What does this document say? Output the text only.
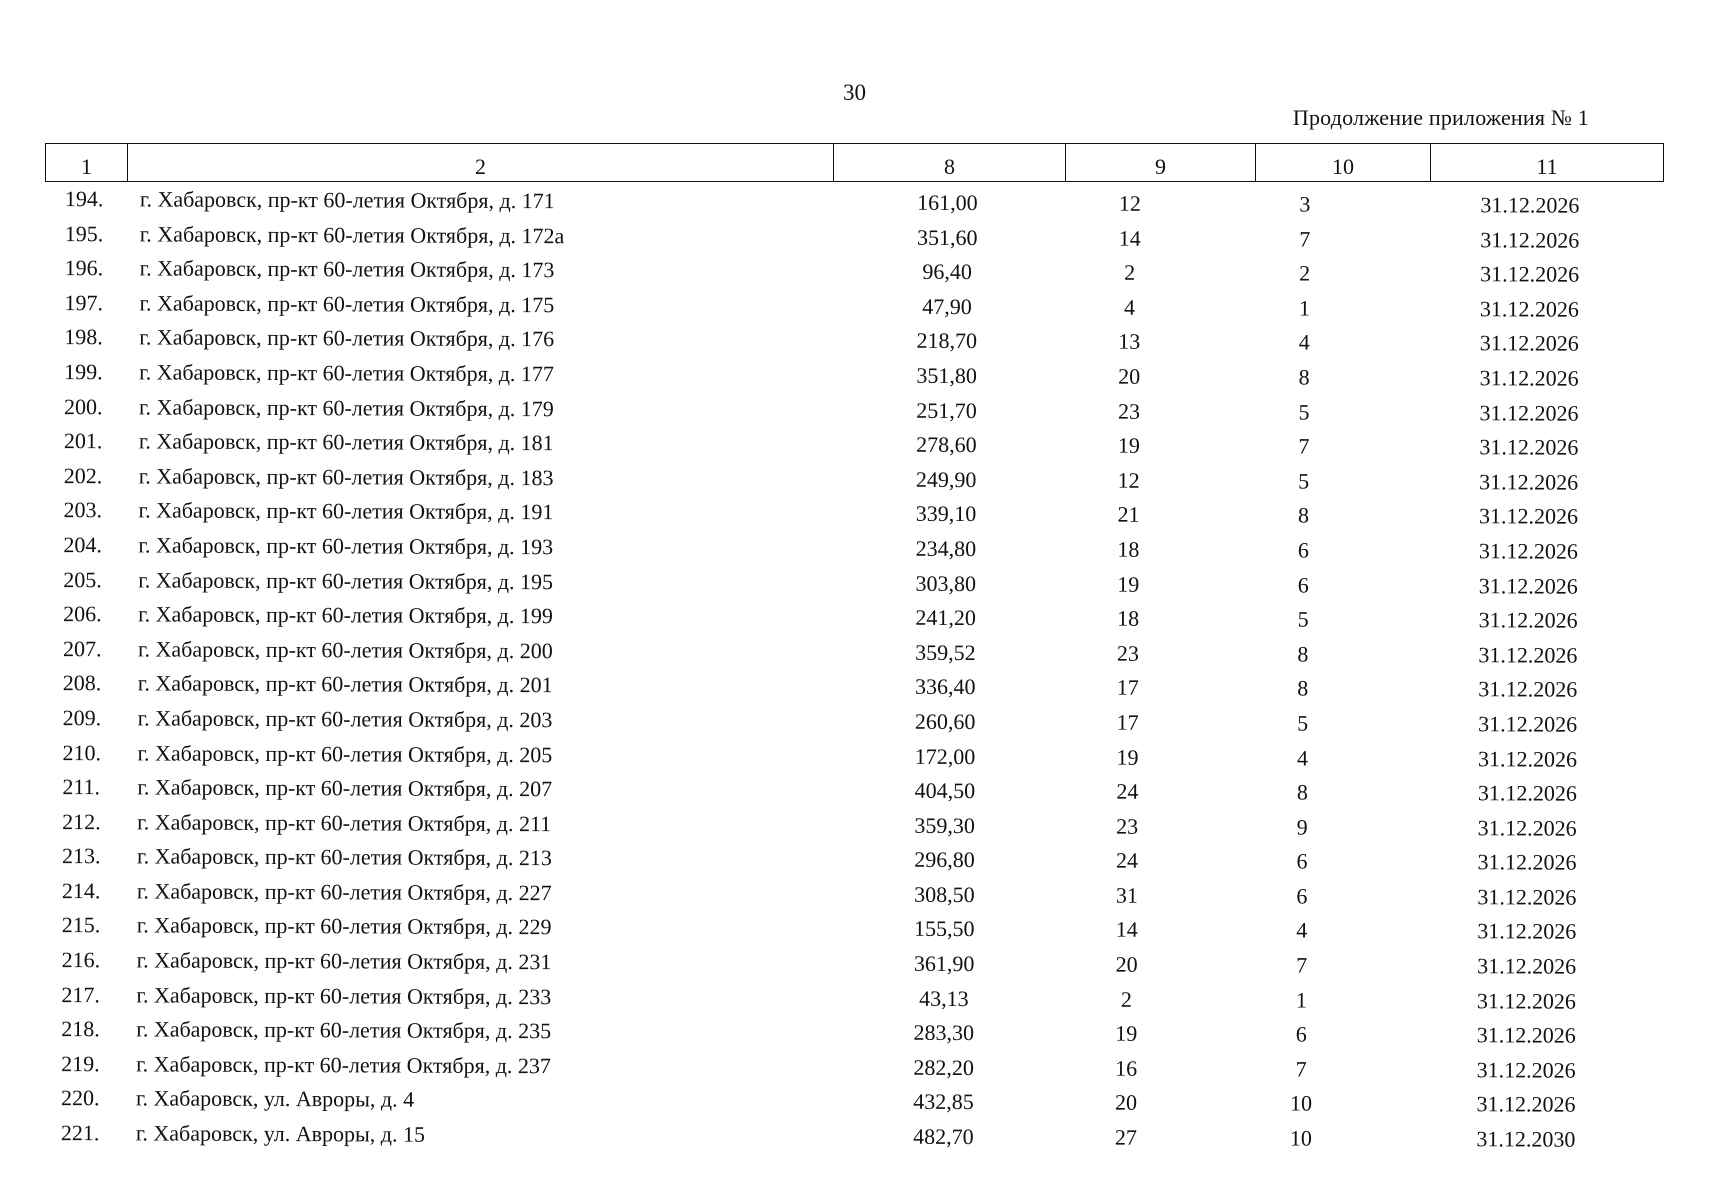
30
Продолжение приложения № 1
1	2	8	9	10	11
194. г. Хабаровск, пр-кт 60-летия Октября, д. 171	161,00	12	3	31.12.2026
195. г. Хабаровск, пр-кт 60-летия Октября, д. 172а	351,60	14	7	31.12.2026
196. г. Хабаровск, пр-кт 60-летия Октября, д. 173	96,40	2	2	31.12.2026
197. г. Хабаровск, пр-кт 60-летия Октября, д. 175	47,90	4	1	31.12.2026
198. г. Хабаровск, пр-кт 60-летия Октября, д. 176	218,70	13	4	31.12.2026
199. г. Хабаровск, пр-кт 60-летия Октября, д. 177	351,80	20	8	31.12.2026
200. г. Хабаровск, пр-кт 60-летия Октября, д. 179	251,70	23	5	31.12.2026
201. г. Хабаровск, пр-кт 60-летия Октября, д. 181	278,60	19	7	31.12.2026
202. г. Хабаровск, пр-кт 60-летия Октября, д. 183	249,90	12	5	31.12.2026
203. г. Хабаровск, пр-кт 60-летия Октября, д. 191	339,10	21	8	31.12.2026
204. г. Хабаровск, пр-кт 60-летия Октября, д. 193	234,80	18	6	31.12.2026
205. г. Хабаровск, пр-кт 60-летия Октября, д. 195	303,80	19	6	31.12.2026
206. г. Хабаровск, пр-кт 60-летия Октября, д. 199	241,20	18	5	31.12.2026
207. г. Хабаровск, пр-кт 60-летия Октября, д. 200	359,52	23	8	31.12.2026
208. г. Хабаровск, пр-кт 60-летия Октября, д. 201	336,40	17	8	31.12.2026
209. г. Хабаровск, пр-кт 60-летия Октября, д. 203	260,60	17	5	31.12.2026
210. г. Хабаровск, пр-кт 60-летия Октября, д. 205	172,00	19	4	31.12.2026
211. г. Хабаровск, пр-кт 60-летия Октября, д. 207	404,50	24	8	31.12.2026
212. г. Хабаровск, пр-кт 60-летия Октября, д. 211	359,30	23	9	31.12.2026
213. г. Хабаровск, пр-кт 60-летия Октября, д. 213	296,80	24	6	31.12.2026
214. г. Хабаровск, пр-кт 60-летия Октября, д. 227	308,50	31	6	31.12.2026
215. г. Хабаровск, пр-кт 60-летия Октября, д. 229	155,50	14	4	31.12.2026
216. г. Хабаровск, пр-кт 60-летия Октября, д. 231	361,90	20	7	31.12.2026
217. г. Хабаровск, пр-кт 60-летия Октября, д. 233	43,13	2	1	31.12.2026
218. г. Хабаровск, пр-кт 60-летия Октября, д. 235	283,30	19	6	31.12.2026
219. г. Хабаровск, пр-кт 60-летия Октября, д. 237	282,20	16	7	31.12.2026
220. г. Хабаровск, ул. Авроры, д. 4	432,85	20	10	31.12.2026
221. г. Хабаровск, ул. Авроры, д. 15	482,70	27	10	31.12.2030
